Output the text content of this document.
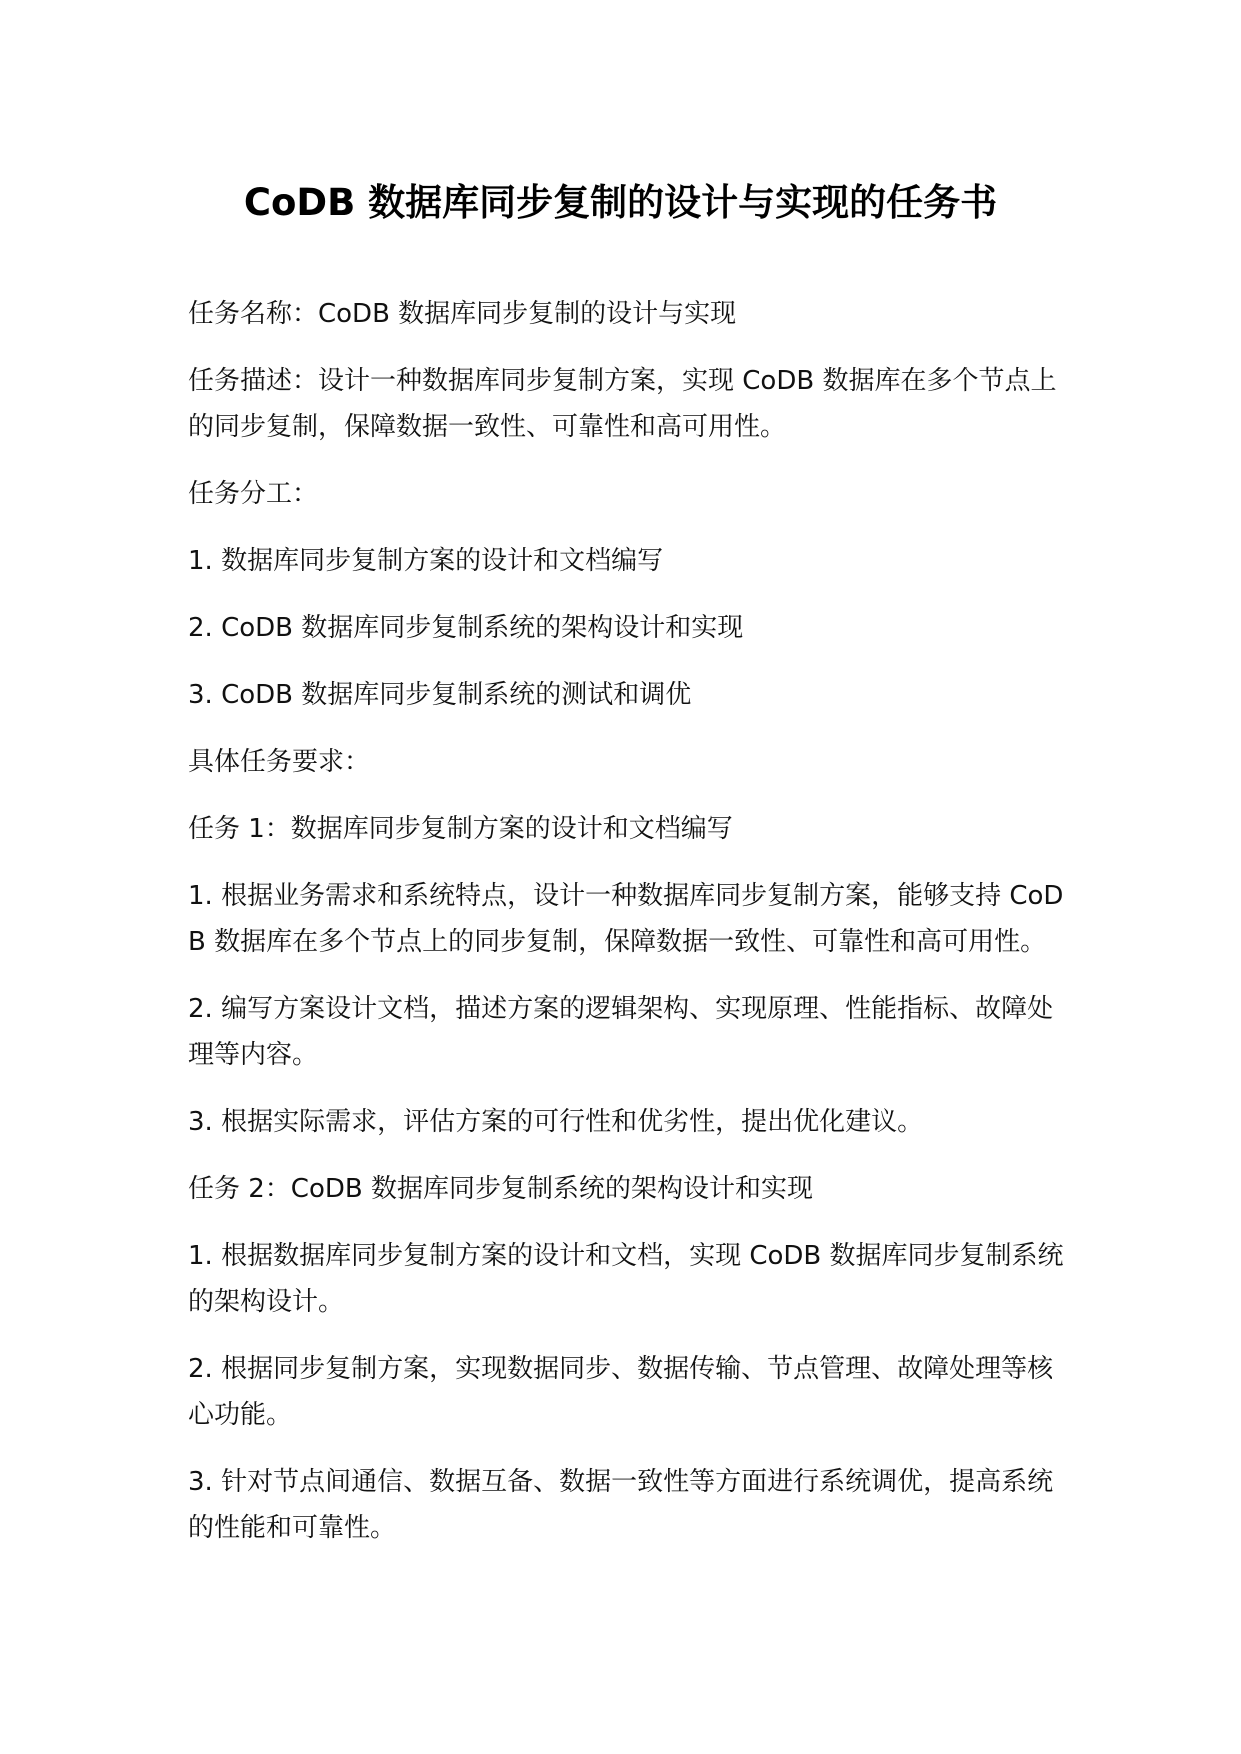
CoDB 数据库同步复制的设计与实现的任务书

任务名称：CoDB 数据库同步复制的设计与实现

任务描述：设计一种数据库同步复制方案，实现 CoDB 数据库在多个节点上的同步复制，保障数据一致性、可靠性和高可用性。

任务分工：

1. 数据库同步复制方案的设计和文档编写

2. CoDB 数据库同步复制系统的架构设计和实现

3. CoDB 数据库同步复制系统的测试和调优

具体任务要求：

任务 1：数据库同步复制方案的设计和文档编写

1. 根据业务需求和系统特点，设计一种数据库同步复制方案，能够支持 CoDB 数据库在多个节点上的同步复制，保障数据一致性、可靠性和高可用性。

2. 编写方案设计文档，描述方案的逻辑架构、实现原理、性能指标、故障处理等内容。

3. 根据实际需求，评估方案的可行性和优劣性，提出优化建议。

任务 2：CoDB 数据库同步复制系统的架构设计和实现

1. 根据数据库同步复制方案的设计和文档，实现 CoDB 数据库同步复制系统的架构设计。

2. 根据同步复制方案，实现数据同步、数据传输、节点管理、故障处理等核心功能。

3. 针对节点间通信、数据互备、数据一致性等方面进行系统调优，提高系统的性能和可靠性。
